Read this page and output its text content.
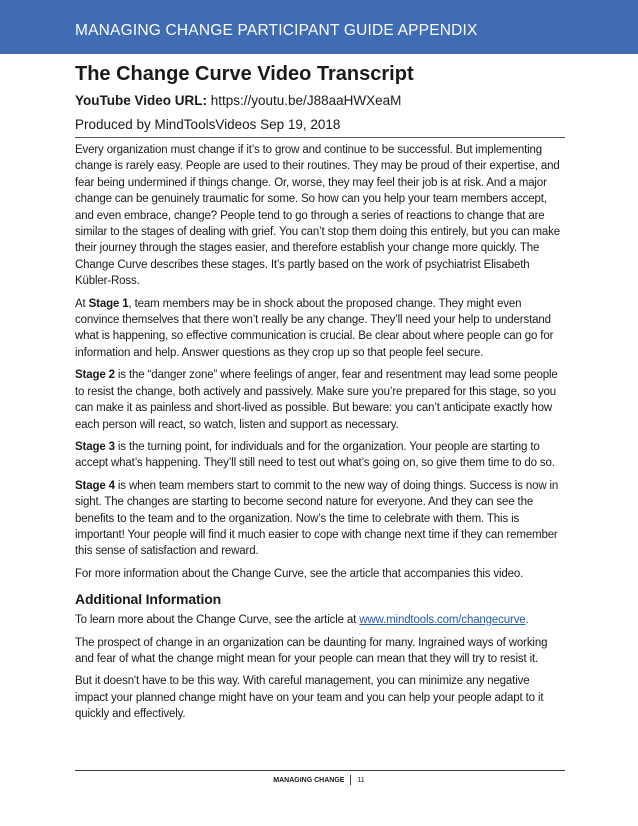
MANAGING CHANGE PARTICIPANT GUIDE APPENDIX
The Change Curve Video Transcript
YouTube Video URL: https://youtu.be/J88aaHWXeaM
Produced by MindToolsVideos Sep 19, 2018

Every organization must change if it’s to grow and continue to be successful. But implementing change is rarely easy. People are used to their routines. They may be proud of their expertise, and fear being undermined if things change. Or, worse, they may feel their job is at risk. And a major change can be genuinely traumatic for some. So how can you help your team members accept, and even embrace, change? People tend to go through a series of reactions to change that are similar to the stages of dealing with grief. You can’t stop them doing this entirely, but you can make their journey through the stages easier, and therefore establish your change more quickly. The Change Curve describes these stages. It’s partly based on the work of psychiatrist Elisabeth Kübler-Ross.

At Stage 1, team members may be in shock about the proposed change. They might even convince themselves that there won’t really be any change. They’ll need your help to understand what is happening, so effective communication is crucial. Be clear about where people can go for information and help. Answer questions as they crop up so that people feel secure.

Stage 2 is the “danger zone” where feelings of anger, fear and resentment may lead some people to resist the change, both actively and passively. Make sure you’re prepared for this stage, so you can make it as painless and short-lived as possible. But beware: you can’t anticipate exactly how each person will react, so watch, listen and support as necessary.

Stage 3 is the turning point, for individuals and for the organization. Your people are starting to accept what’s happening. They’ll still need to test out what’s going on, so give them time to do so.

Stage 4 is when team members start to commit to the new way of doing things. Success is now in sight. The changes are starting to become second nature for everyone. And they can see the benefits to the team and to the organization. Now’s the time to celebrate with them. This is important! Your people will find it much easier to cope with change next time if they can remember this sense of satisfaction and reward.

For more information about the Change Curve, see the article that accompanies this video.

Additional Information

To learn more about the Change Curve, see the article at www.mindtools.com/changecurve.

The prospect of change in an organization can be daunting for many. Ingrained ways of working and fear of what the change might mean for your people can mean that they will try to resist it.

But it doesn't have to be this way. With careful management, you can minimize any negative impact your planned change might have on your team and you can help your people adapt to it quickly and effectively.

MANAGING CHANGE 11
